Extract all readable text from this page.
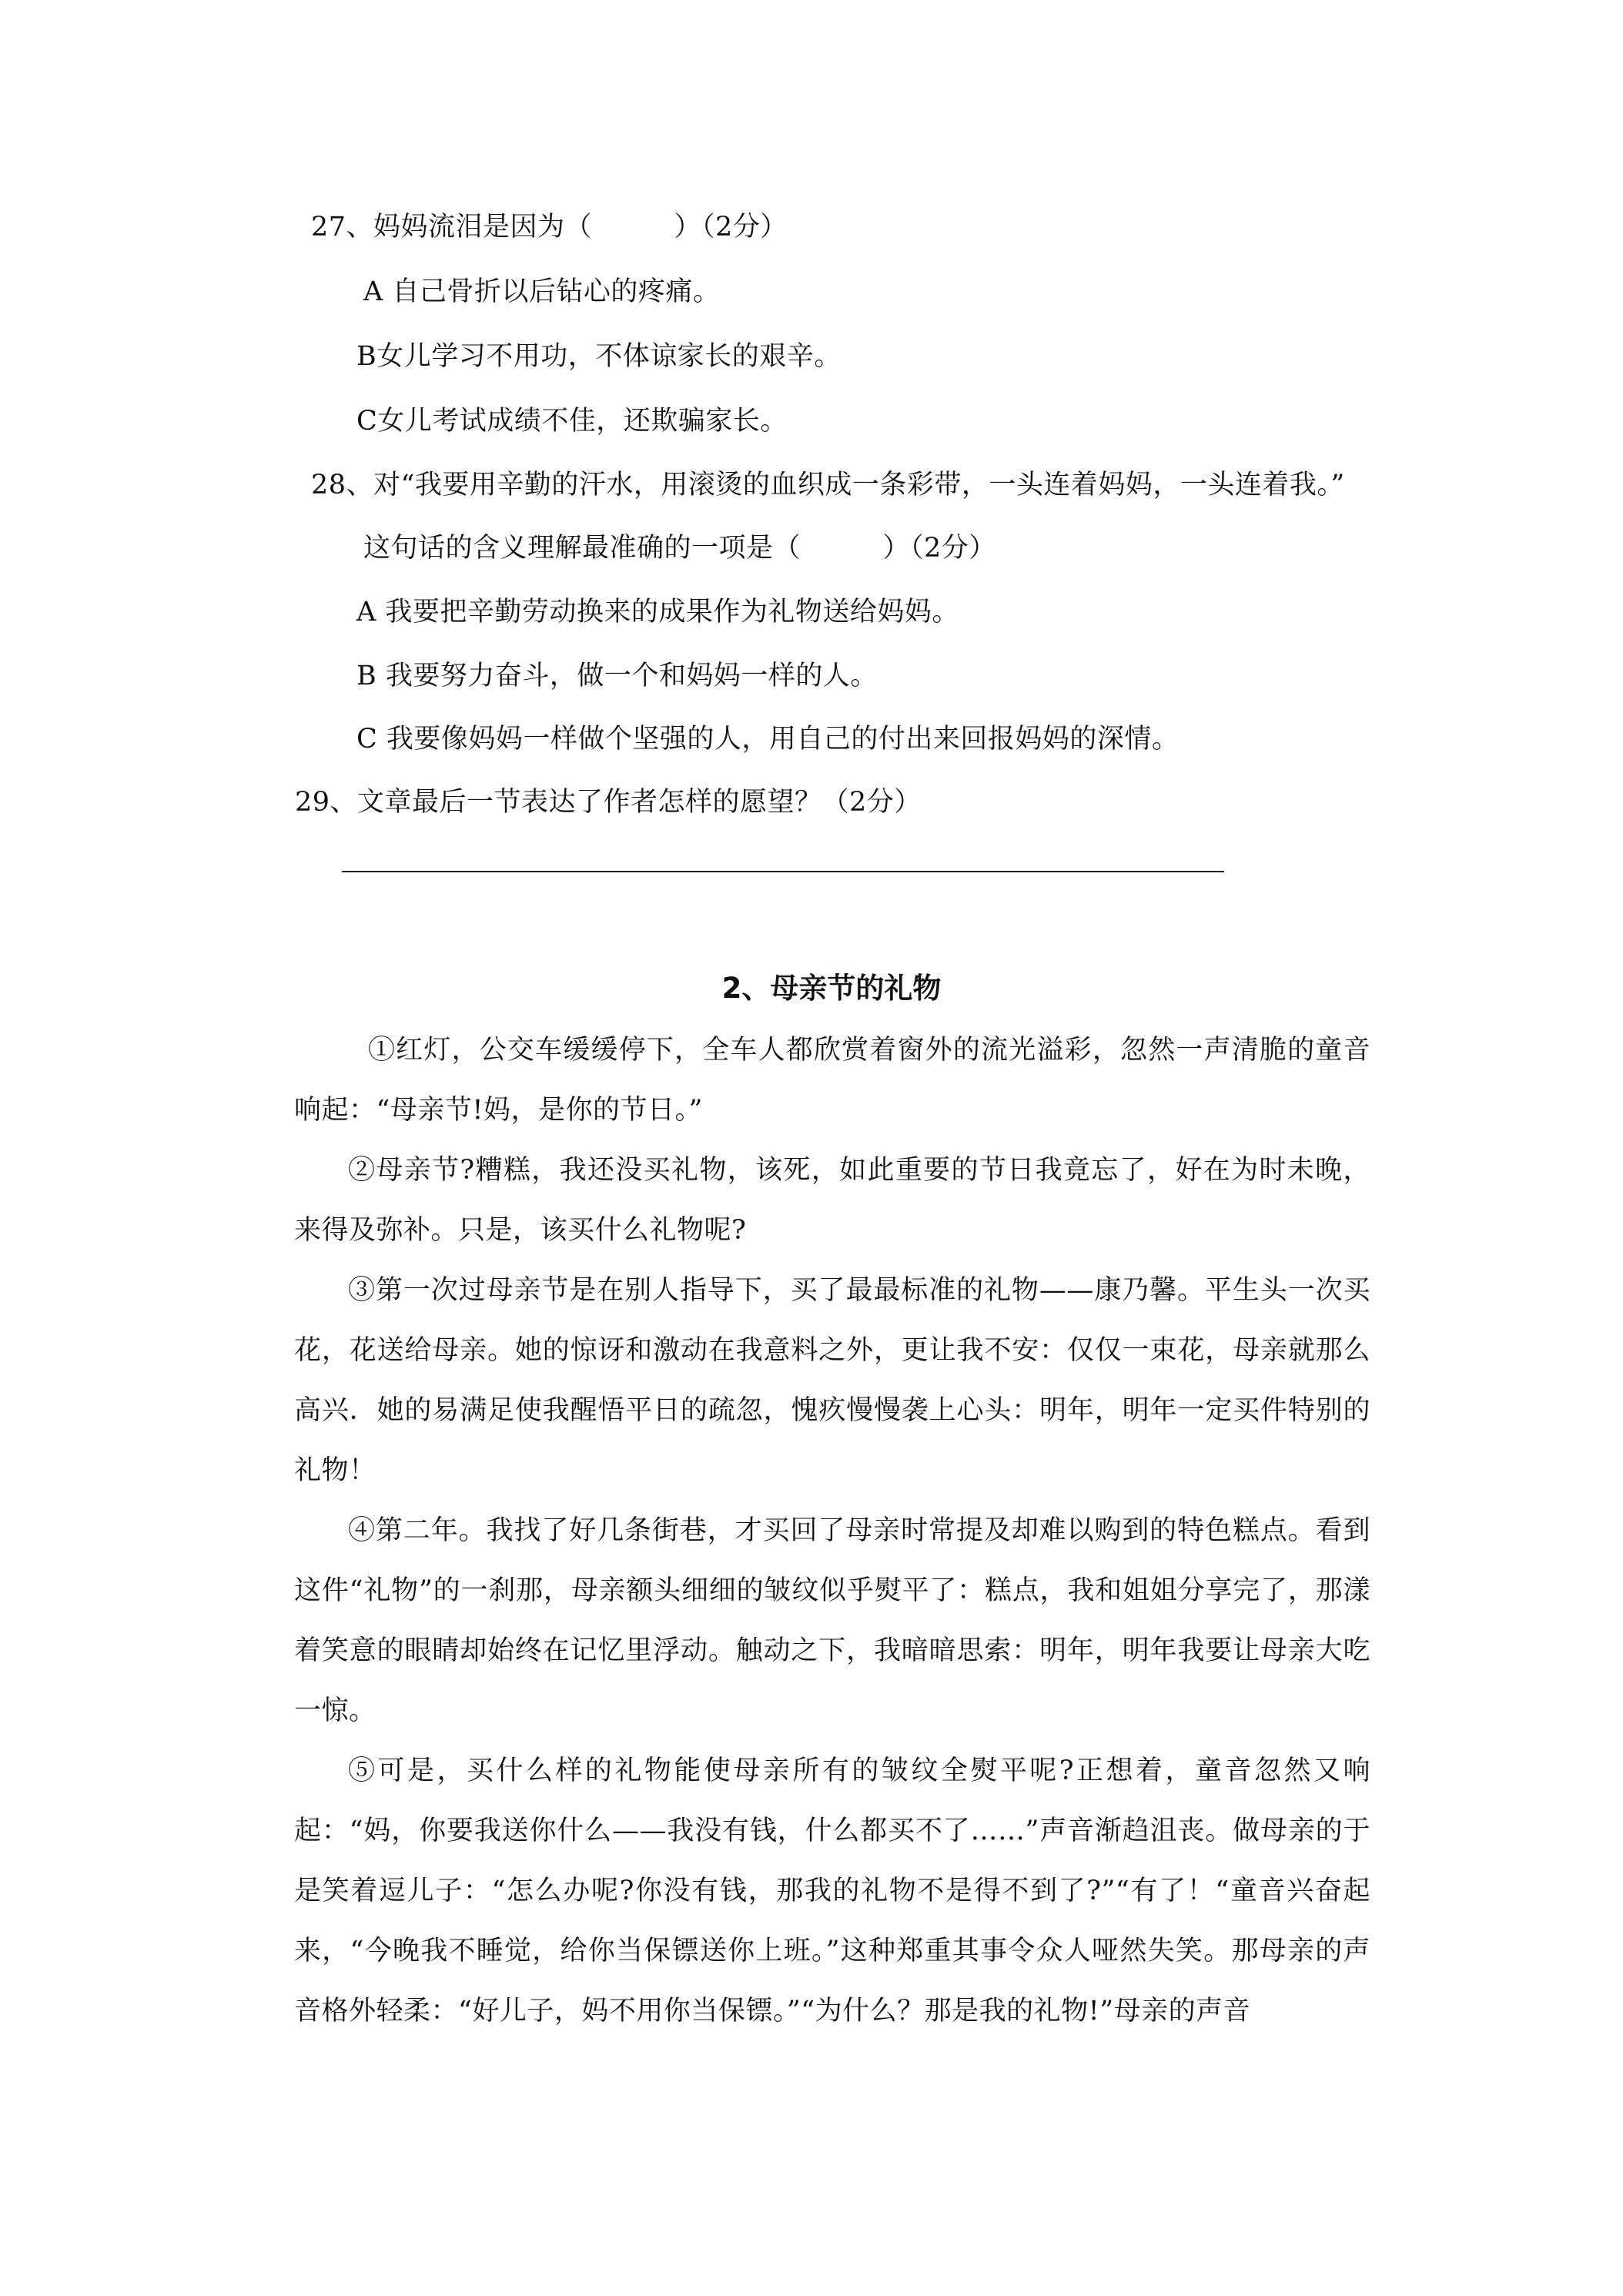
27、妈妈流泪是因为（　　　）（2分）
A 自己骨折以后钻心的疼痛。
B女儿学习不用功，不体谅家长的艰辛。
C女儿考试成绩不佳，还欺骗家长。
28、对“我要用辛勤的汗水，用滚烫的血织成一条彩带，一头连着妈妈，一头连着我。”
这句话的含义理解最准确的一项是（　　　）（2分）
A 我要把辛勤劳动换来的成果作为礼物送给妈妈。
B 我要努力奋斗，做一个和妈妈一样的人。
C 我要像妈妈一样做个坚强的人，用自己的付出来回报妈妈的深情。
29、文章最后一节表达了作者怎样的愿望？（2分）
2、母亲节的礼物
①红灯，公交车缓缓停下，全车人都欣赏着窗外的流光溢彩，忽然一声清脆的童音响起：“母亲节!妈，是你的节日。”
②母亲节?糟糕，我还没买礼物，该死，如此重要的节日我竟忘了，好在为时未晚，来得及弥补。只是，该买什么礼物呢?
③第一次过母亲节是在别人指导下，买了最最标准的礼物——康乃馨。平生头一次买花，花送给母亲。她的惊讶和激动在我意料之外，更让我不安：仅仅一束花，母亲就那么高兴．她的易满足使我醒悟平日的疏忽，愧疚慢慢袭上心头：明年，明年一定买件特别的礼物！
④第二年。我找了好几条街巷，才买回了母亲时常提及却难以购到的特色糕点。看到这件“礼物”的一刹那，母亲额头细细的皱纹似乎熨平了：糕点，我和姐姐分享完了，那漾着笑意的眼睛却始终在记忆里浮动。触动之下，我暗暗思索：明年，明年我要让母亲大吃一惊。
⑤可是，买什么样的礼物能使母亲所有的皱纹全熨平呢?正想着，童音忽然又响起：“妈，你要我送你什么——我没有钱，什么都买不了……”声音渐趋沮丧。做母亲的于是笑着逗儿子：“怎么办呢?你没有钱，那我的礼物不是得不到了?”“有了！“童音兴奋起来，“今晚我不睡觉，给你当保镖送你上班。”这种郑重其事令众人哑然失笑。那母亲的声音格外轻柔：“好儿子，妈不用你当保镖。”“为什么？那是我的礼物!”母亲的声音
